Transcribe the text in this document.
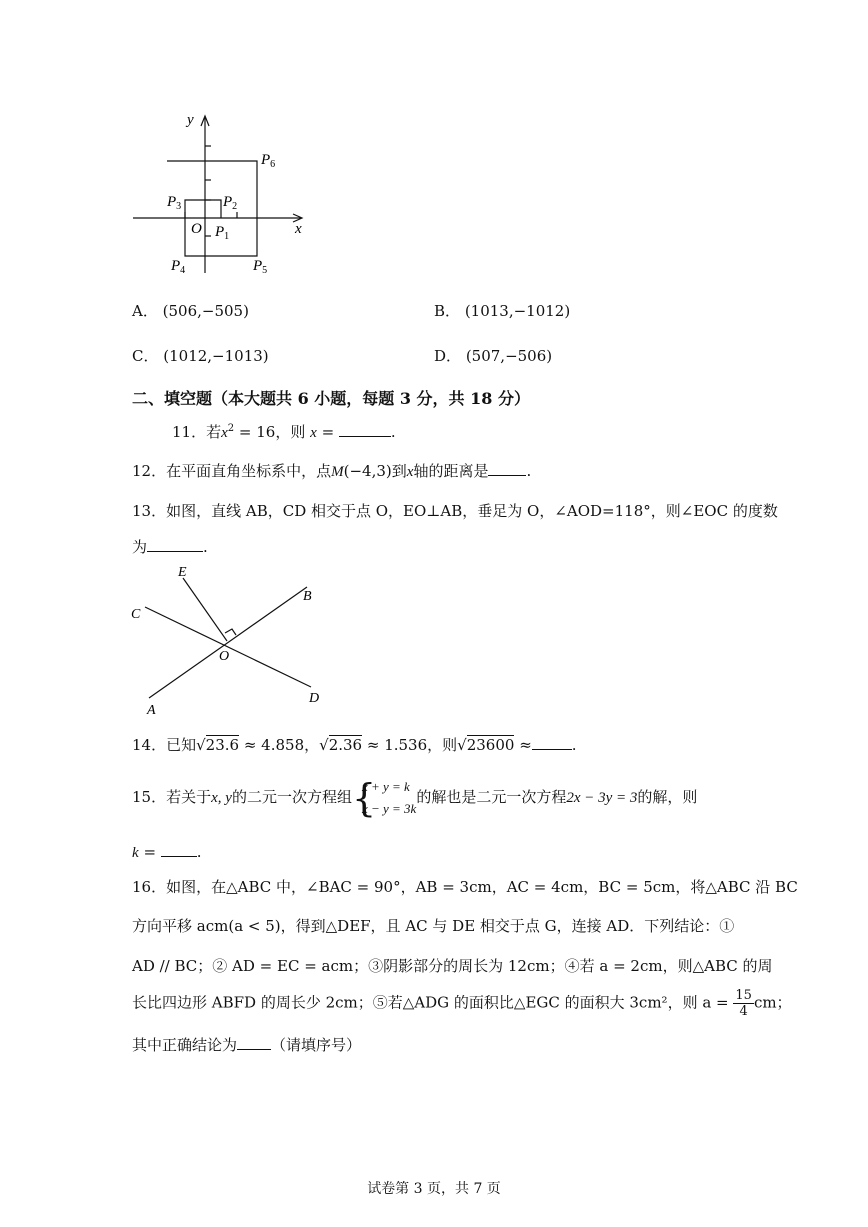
y
x
O $P_1$
$P_2$
$P_3$
$P_4$	$P_5$
$P_6$
A． (506,−505)	B． (1013,−1012)
C． (1012,−1013)	D． (507,−506)
二、填空题（本大题共 6 小题，每题 3 分，共 18 分）
11．若$x^2 = 16$，则 x =	.
12．在平面直角坐标系中，点M(−4,3)到x轴的距离是	.
13．如图，直线 AB，CD 相交于点 O，EO⊥AB，垂足为 O，∠AOD=118°，则∠EOC 的度数
为	.
E
C
B
O
D
A
14．已知√23.6 ≈ 4.858，√2.36 ≈ 1.536，则√23600 ≈	.
15．若关于x, y的二元一次方程组 {
x + y = k
x − y = 3k
的解也是二元一次方程2x − 3y = 3的解，则
k = .
16．如图，在△ABC 中，∠BAC = 90°，AB = 3cm，AC = 4cm，BC = 5cm，将△ABC 沿 BC
方向平移 acm(a < 5)，得到△DEF，且 AC 与 DE 相交于点 G，连接 AD．下列结论：①
AD // BC；② AD = EC = acm；③阴影部分的周长为 12cm；④若 a = 2cm，则△ABC 的周
长比四边形 ABFD 的周长少 2cm；⑤若△ADG 的面积比△EGC 的面积大 3cm²，则 $a = \frac{15}{4}$ cm；
其中正确结论为 （请填序号）
试卷第 3 页，共 7 页
